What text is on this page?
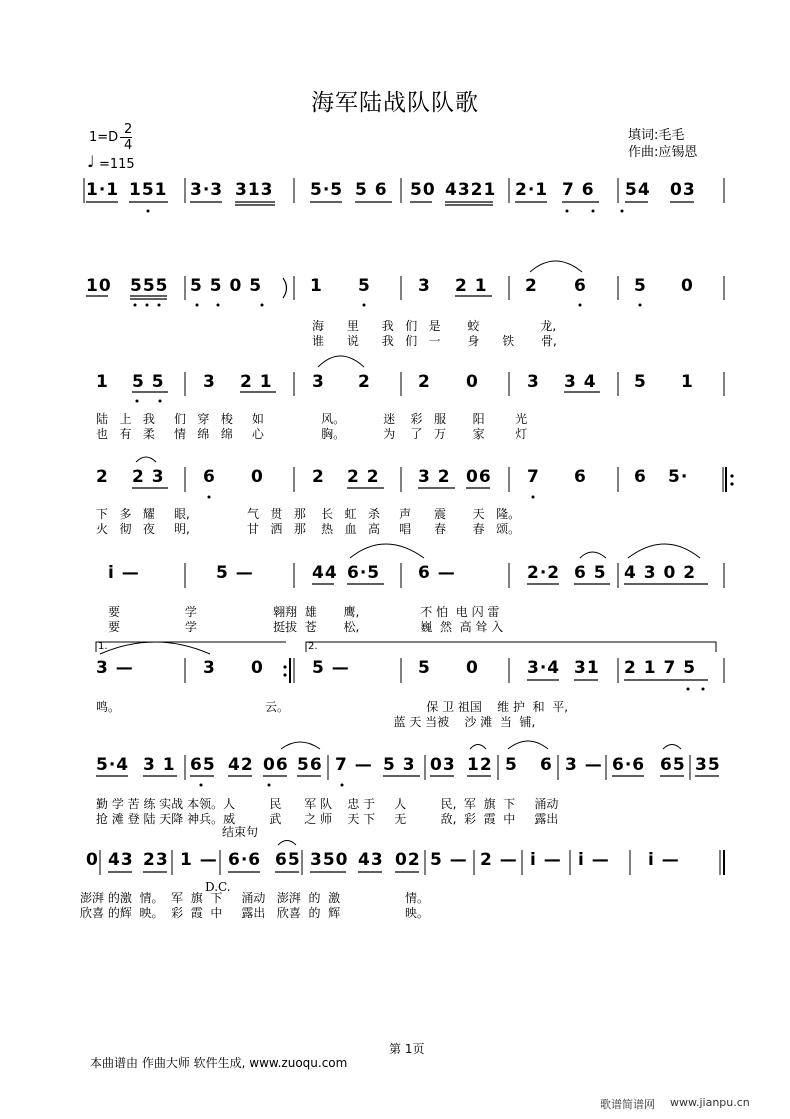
海军陆战队队歌
1=D
2
4
♩ =115
填词:毛毛
作曲:应锡恩
1·1 151 3·3 313 5·5 5 6 50 4321 2·1 7 6 54 03
10 555 5 5 0 5	1 5	3 2 1 2 6	5 0
海      里      我   们   是       蛟                龙,
谁      说      我   们   一       身      铁       骨,
1 5 5 3 2 1 3 2	2 0	3 3 4 5 1
陆   上   我     们   穿   梭     如               风。          迷    彩   服       阳        光
也   有   柔     情   绵   绵     心               胸。          为    了   万       家        灯
2 2 3 6 0	2 2 2 3 2 06 7 6	6 5·
下   多   耀     眼,               气   贯   那    长   虹   杀     声      震       天   隆。
火   彻   夜     明,               甘   洒   那    热   血   高     唱      春       春   颂。
i —	5 —	44 6·5 6 —	2·2 6 5 4 3 0 2
要                 学                    翱翔  雄       鹰,                不 怕  电 闪 雷
要                 学                    挺拔  苍       松,                巍  然  高 耸 入
3 —	3 0	5 —	5 0	3·4 31 2 1 7 5
鸣。                                      云。                                    保 卫 祖国    维 护  和  平,
蓝 天 当被    沙 滩  当  铺,
5·4 3 1 65 42 06 56 7 — 5 3 03 12 5 6 3 — 6·6 65 35
勤 学 苦 练 实战 本领。人         民      军 队    忠 于     人         民,  军  旗  下     涌动
抢 滩 登 陆 天降 神兵。威         武      之 师    天 下     无         敌,  彩  霞  中     露出
0 43 23 1 — 6·6 65 350 43 02 5 — 2 — i — i — i —
澎湃 的激  情。  军  旗  下     涌动   澎湃  的  激                 情。
欣喜 的辉  映。  彩  霞  中     露出   欣喜  的  辉                 映。
结束句
D.C.
1.	2.
第 1页
本曲谱由 作曲大师 软件生成, www.zuoqu.com
歌谱简谱网 www.jianpu.cn
